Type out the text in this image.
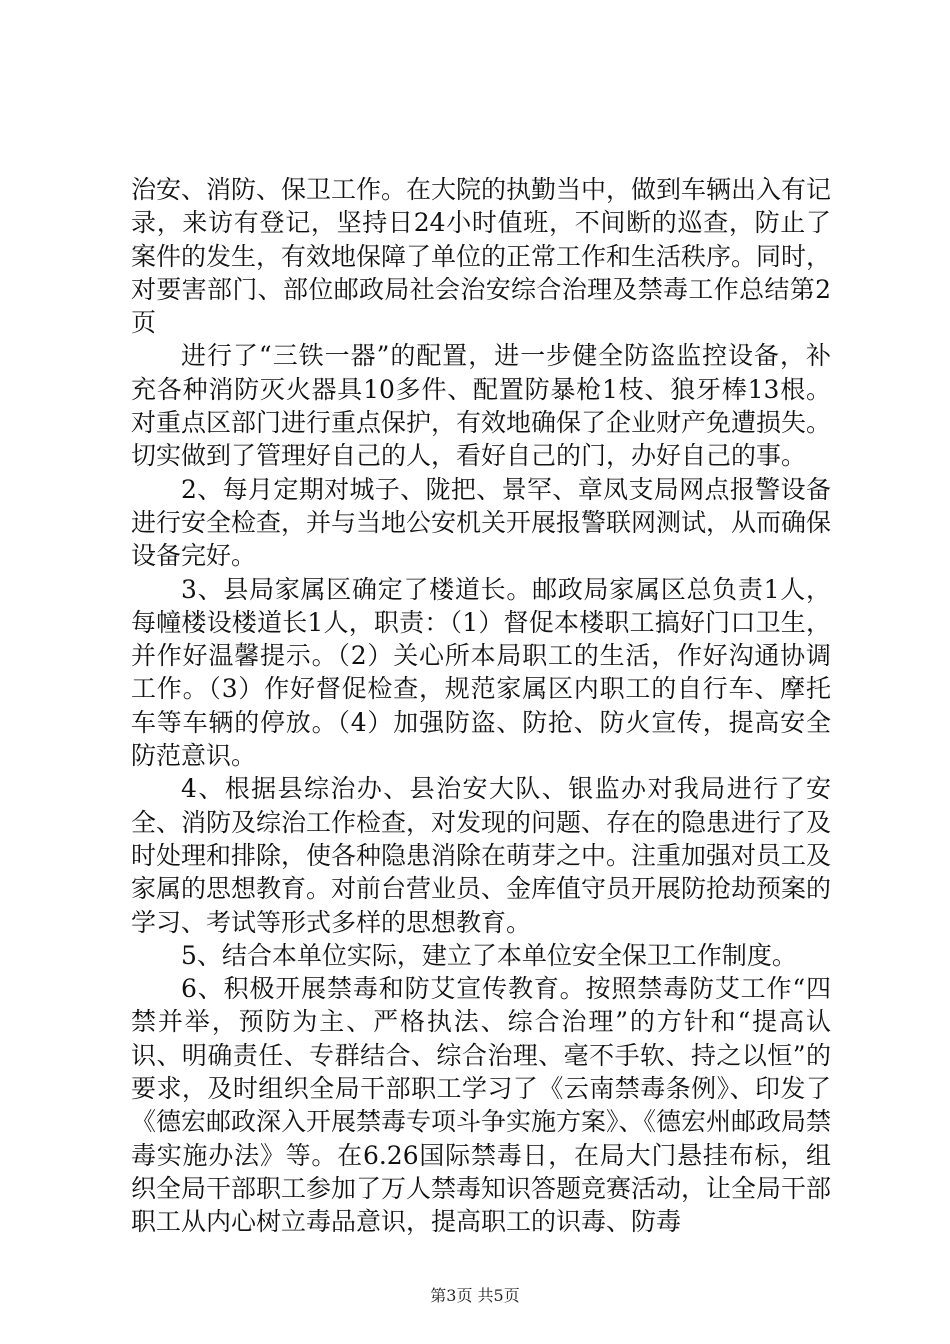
治安、消防、保卫工作。在大院的执勤当中，做到车辆出入有记录，来访有登记，坚持日24小时值班，不间断的巡查，防止了案件的发生，有效地保障了单位的正常工作和生活秩序。同时，对要害部门、部位邮政局社会治安综合治理及禁毒工作总结第2页

进行了“三铁一器”的配置，进一步健全防盗监控设备，补充各种消防灭火器具10多件、配置防暴枪1枝、狼牙棒13根。对重点区部门进行重点保护，有效地确保了企业财产免遭损失。切实做到了管理好自己的人，看好自己的门，办好自己的事。

2、每月定期对城子、陇把、景罕、章凤支局网点报警设备进行安全检查，并与当地公安机关开展报警联网测试，从而确保设备完好。

3、县局家属区确定了楼道长。邮政局家属区总负责1人，每幢楼设楼道长1人，职责：（1）督促本楼职工搞好门口卫生，并作好温馨提示。（2）关心所本局职工的生活，作好沟通协调工作。（3）作好督促检查，规范家属区内职工的自行车、摩托车等车辆的停放。（4）加强防盗、防抢、防火宣传，提高安全防范意识。

4、根据县综治办、县治安大队、银监办对我局进行了安全、消防及综治工作检查，对发现的问题、存在的隐患进行了及时处理和排除，使各种隐患消除在萌芽之中。注重加强对员工及家属的思想教育。对前台营业员、金库值守员开展防抢劫预案的学习、考试等形式多样的思想教育。

5、结合本单位实际，建立了本单位安全保卫工作制度。

6、积极开展禁毒和防艾宣传教育。按照禁毒防艾工作“四禁并举，预防为主、严格执法、综合治理”的方针和“提高认识、明确责任、专群结合、综合治理、毫不手软、持之以恒”的要求，及时组织全局干部职工学习了《云南禁毒条例》、印发了《德宏邮政深入开展禁毒专项斗争实施方案》、《德宏州邮政局禁毒实施办法》等。在6.26国际禁毒日，在局大门悬挂布标，组织全局干部职工参加了万人禁毒知识答题竞赛活动，让全局干部职工从内心树立毒品意识，提高职工的识毒、防毒

第3页 共5页
